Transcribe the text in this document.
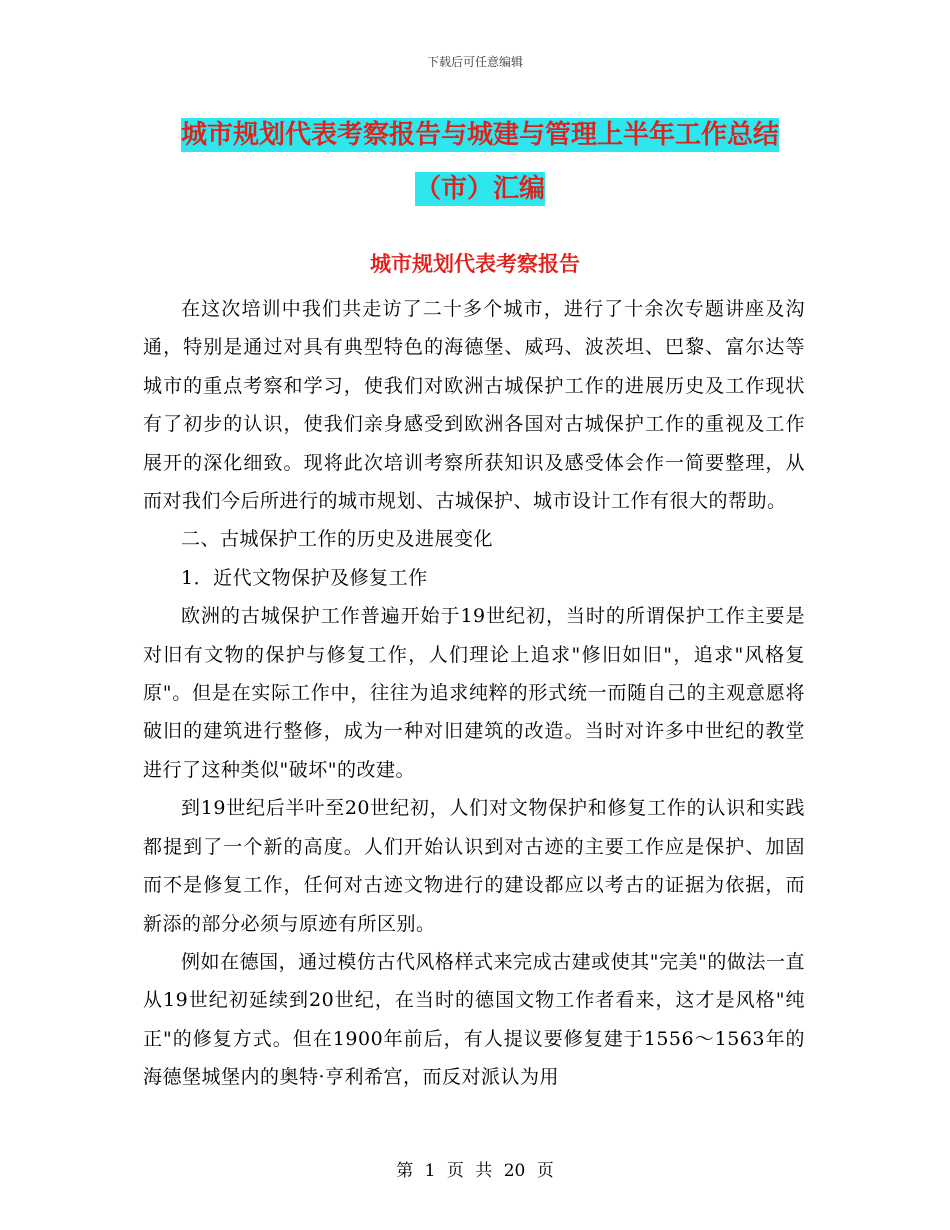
下载后可任意编辑
城市规划代表考察报告与城建与管理上半年工作总结
（市）汇编
城市规划代表考察报告

在这次培训中我们共走访了二十多个城市，进行了十余次专题讲座及沟通，特别是通过对具有典型特色的海德堡、威玛、波茨坦、巴黎、富尔达等城市的重点考察和学习，使我们对欧洲古城保护工作的进展历史及工作现状有了初步的认识，使我们亲身感受到欧洲各国对古城保护工作的重视及工作展开的深化细致。现将此次培训考察所获知识及感受体会作一简要整理，从而对我们今后所进行的城市规划、古城保护、城市设计工作有很大的帮助。

二、古城保护工作的历史及进展变化

1．近代文物保护及修复工作

欧洲的古城保护工作普遍开始于19世纪初，当时的所谓保护工作主要是对旧有文物的保护与修复工作，人们理论上追求"修旧如旧"，追求"风格复原"。但是在实际工作中，往往为追求纯粹的形式统一而随自己的主观意愿将破旧的建筑进行整修，成为一种对旧建筑的改造。当时对许多中世纪的教堂进行了这种类似"破坏"的改建。

到19世纪后半叶至20世纪初，人们对文物保护和修复工作的认识和实践都提到了一个新的高度。人们开始认识到对古迹的主要工作应是保护、加固而不是修复工作，任何对古迹文物进行的建设都应以考古的证据为依据，而新添的部分必须与原迹有所区别。

例如在德国，通过模仿古代风格样式来完成古建或使其"完美"的做法一直从19世纪初延续到20世纪，在当时的德国文物工作者看来，这才是风格"纯正"的修复方式。但在1900年前后，有人提议要修复建于1556～1563年的海德堡城堡内的奥特·亨利希宫，而反对派认为用

第 1 页 共 20 页
